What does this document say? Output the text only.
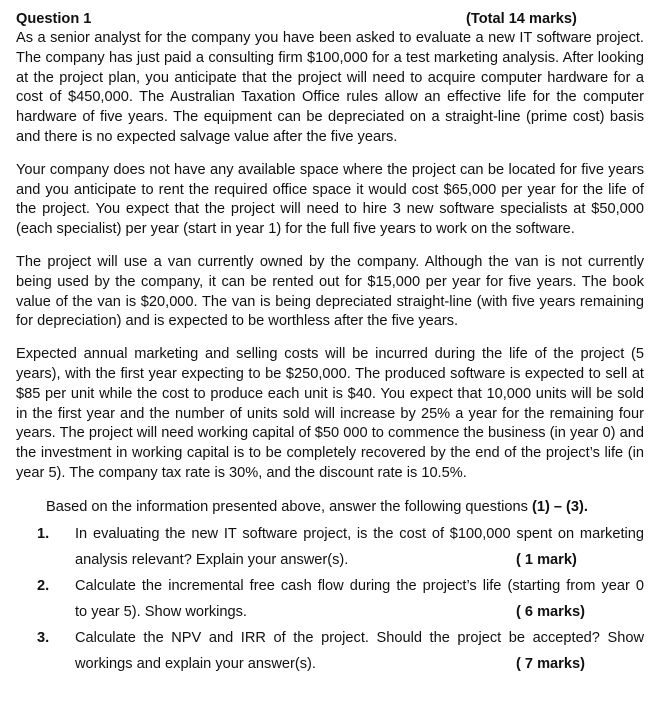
Question 1	(Total 14 marks)

As a senior analyst for the company you have been asked to evaluate a new IT software project. The company has just paid a consulting firm $100,000 for a test marketing analysis. After looking at the project plan, you anticipate that the project will need to acquire computer hardware for a cost of $450,000. The Australian Taxation Office rules allow an effective life for the computer hardware of five years. The equipment can be depreciated on a straight-line (prime cost) basis and there is no expected salvage value after the five years.

Your company does not have any available space where the project can be located for five years and you anticipate to rent the required office space it would cost $65,000 per year for the life of the project. You expect that the project will need to hire 3 new software specialists at $50,000 (each specialist) per year (start in year 1) for the full five years to work on the software.

The project will use a van currently owned by the company. Although the van is not currently being used by the company, it can be rented out for $15,000 per year for five years. The book value of the van is $20,000. The van is being depreciated straight-line (with five years remaining for depreciation) and is expected to be worthless after the five years.

Expected annual marketing and selling costs will be incurred during the life of the project (5 years), with the first year expecting to be $250,000. The produced software is expected to sell at $85 per unit while the cost to produce each unit is $40. You expect that 10,000 units will be sold in the first year and the number of units sold will increase by 25% a year for the remaining four years. The project will need working capital of $50 000 to commence the business (in year 0) and the investment in working capital is to be completely recovered by the end of the project’s life (in year 5). The company tax rate is 30%, and the discount rate is 10.5%.

Based on the information presented above, answer the following questions (1) – (3).
1. In evaluating the new IT software project, is the cost of $100,000 spent on marketing
analysis relevant? Explain your answer(s).	( 1 mark)
2. Calculate the incremental free cash flow during the project’s life (starting from year 0
to year 5). Show workings.	( 6 marks)
3. Calculate the NPV and IRR of the project. Should the project be accepted? Show
workings and explain your answer(s).	( 7 marks)
